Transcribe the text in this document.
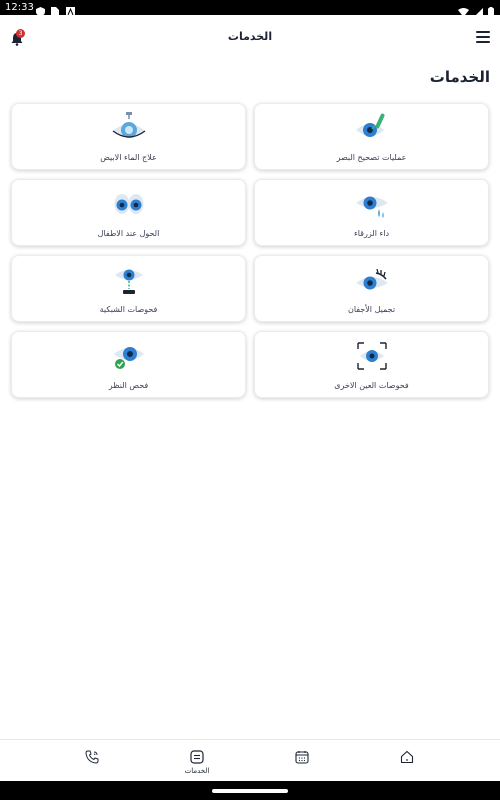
12:33
3	الخدمات
الخدمات
عمليات تصحيح البصر
علاج الماء الابيض
داء الزرقاء
الحول عند الاطفال
تجميل الأجفان
فحوصات الشبكية
فحوصات العين الاخرى
فحص النظر
الخدمات
